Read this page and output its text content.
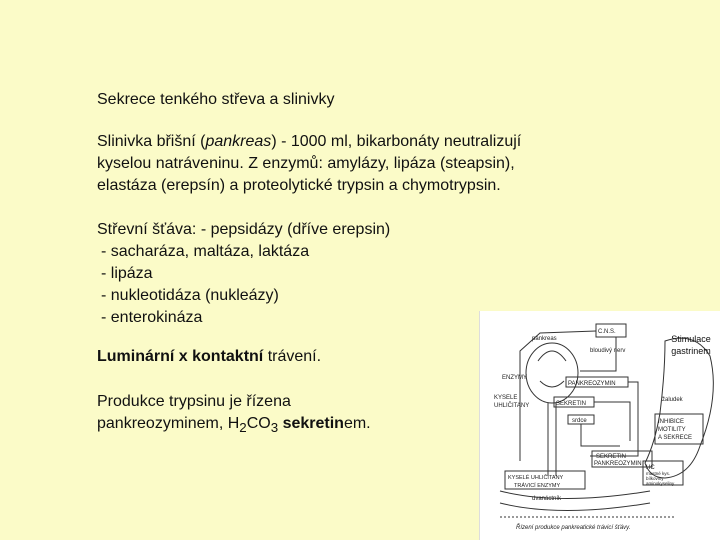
Sekrece tenkého střeva a slinivky
Slinivka břišní (pankreas) - 1000 ml, bikarbonáty neutralizují
kyselou natráveninu. Z enzymů: amylázy, lipáza (steapsin),
elastáza (erepsín) a proteolytické trypsin a chymotrypsin.
Střevní šťáva: - pepsidázy (dříve erepsin)
- sacharáza, maltáza, laktáza
- lipáza
- nukleotidáza (nukleázy)
- enterokináza
Luminární x kontaktní trávení.
Produkce trypsinu je řízena
pankreozyminem, $H_2CO_3$ sekretinem.
C.N.S.
pankreas
bloudivý nerv
ENZYMY
PANKREOZYMIN
KYSELE
UHLIČITANY	SEKRETIN
srdce
žaludek
INHIBICE
MOTILITY
A SEKRECE
SEKRETIN
PANKREOZYMIN
HC
mastné kys.
bílkoviny
aminokyseliny
KYSELÉ UHLIČITANY
TRÁVICÍ ENZYMY
dvanáctník
Řízení produkce pankreatické trávicí šťávy.
Stimulace gastrinem
